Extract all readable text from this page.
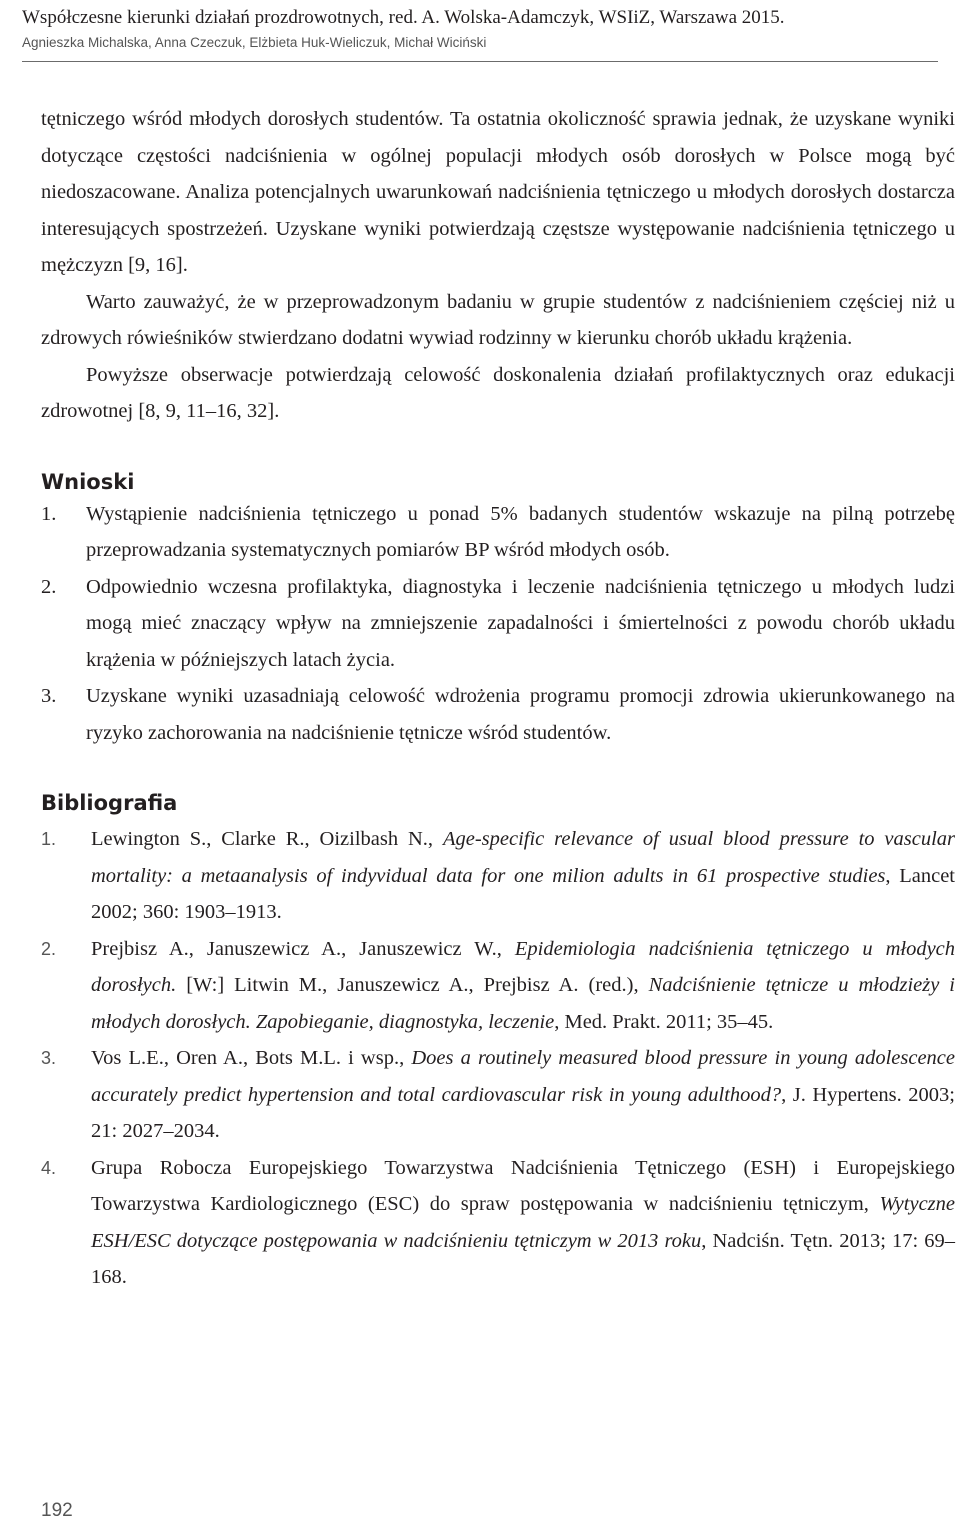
Współczesne kierunki działań prozdrowotnych, red. A. Wolska-Adamczyk, WSIiZ, Warszawa 2015.
Agnieszka Michalska, Anna Czeczuk, Elżbieta Huk-Wieliczuk, Michał Wiciński

tętniczego wśród młodych dorosłych studentów. Ta ostatnia okoliczność sprawia jednak, że uzyskane wyniki dotyczące częstości nadciśnienia w ogólnej populacji młodych osób dorosłych w Polsce mogą być niedoszacowane. Analiza potencjalnych uwarunkowań nadciśnienia tętniczego u młodych dorosłych dostarcza interesujących spostrzeżeń. Uzyskane wyniki potwierdzają częstsze występowanie nadciśnienia tętniczego u mężczyzn [9, 16].

Warto zauważyć, że w przeprowadzonym badaniu w grupie studentów z nadciśnieniem częściej niż u zdrowych rówieśników stwierdzano dodatni wywiad rodzinny w kierunku chorób układu krążenia.

Powyższe obserwacje potwierdzają celowość doskonalenia działań profilaktycznych oraz edukacji zdrowotnej [8, 9, 11–16, 32].

Wnioski
1. Wystąpienie nadciśnienia tętniczego u ponad 5% badanych studentów wskazuje na pilną potrzebę przeprowadzania systematycznych pomiarów BP wśród młodych osób.
2. Odpowiednio wczesna profilaktyka, diagnostyka i leczenie nadciśnienia tętniczego u młodych ludzi mogą mieć znaczący wpływ na zmniejszenie zapadalności i śmiertelności z powodu chorób układu krążenia w późniejszych latach życia.
3. Uzyskane wyniki uzasadniają celowość wdrożenia programu promocji zdrowia ukierunkowanego na ryzyko zachorowania na nadciśnienie tętnicze wśród studentów.
Bibliografia
1. Lewington S., Clarke R., Oizilbash N., Age-specific relevance of usual blood pressure to vascular mortality: a metaanalysis of indyvidual data for one milion adults in 61 prospective studies, Lancet 2002; 360: 1903–1913.
2. Prejbisz A., Januszewicz A., Januszewicz W., Epidemiologia nadciśnienia tętniczego u młodych dorosłych. [W:] Litwin M., Januszewicz A., Prejbisz A. (red.), Nadciśnienie tętnicze u młodzieży i młodych dorosłych. Zapobieganie, diagnostyka, leczenie, Med. Prakt. 2011; 35–45.
3. Vos L.E., Oren A., Bots M.L. i wsp., Does a routinely measured blood pressure in young adolescence accurately predict hypertension and total cardiovascular risk in young adulthood?, J. Hypertens. 2003; 21: 2027–2034.
4. Grupa Robocza Europejskiego Towarzystwa Nadciśnienia Tętniczego (ESH) i Europejskiego Towarzystwa Kardiologicznego (ESC) do spraw postępowania w nadciśnieniu tętniczym, Wytyczne ESH/ESC dotyczące postępowania w nadciśnieniu tętniczym w 2013 roku, Nadciśn. Tętn. 2013; 17: 69–168.
192
